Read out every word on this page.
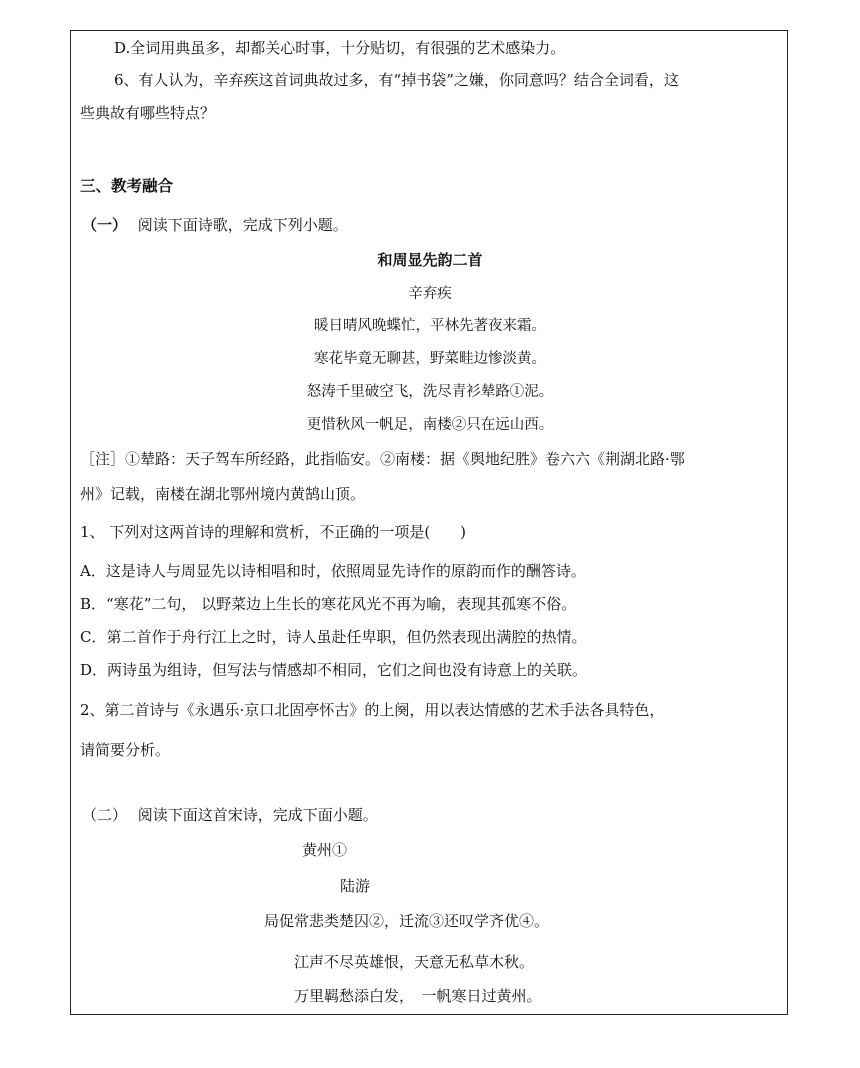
D.全词用典虽多，却都关心时事，十分贴切，有很强的艺术感染力。
6、有人认为，辛弃疾这首词典故过多，有“掉书袋”之嫌，你同意吗？结合全词看，这
些典故有哪些特点？
三、教考融合
（一） 阅读下面诗歌，完成下列小题。
和周显先韵二首
辛弃疾
暖日晴风晚蝶忙，平林先著夜来霜。
寒花毕竟无聊甚，野菜畦边惨淡黄。
怒涛千里破空飞，洗尽青衫辇路①泥。
更惜秋风一帆足，南楼②只在远山西。
［注］①辇路：天子驾车所经路，此指临安。②南楼：据《舆地纪胜》卷六六《荆湖北路·鄂
州》记载，南楼在湖北鄂州境内黄鹄山顶。
1、 下列对这两首诗的理解和赏析，不正确的一项是(　　)
A．这是诗人与周显先以诗相唱和时，依照周显先诗作的原韵而作的酬答诗。
B．“寒花”二句， 以野菜边上生长的寒花风光不再为喻，表现其孤寒不俗。
C．第二首作于舟行江上之时，诗人虽赴任卑职，但仍然表现出满腔的热情。
D．两诗虽为组诗，但写法与情感却不相同，它们之间也没有诗意上的关联。
2、第二首诗与《永遇乐·京口北固亭怀古》的上阕，用以表达情感的艺术手法各具特色，
请简要分析。
（二） 阅读下面这首宋诗，完成下面小题。
黄州①
陆游
局促常悲类楚囚②，迁流③还叹学齐优④。
江声不尽英雄恨，天意无私草木秋。
万里羁愁添白发，　一帆寒日过黄州。
